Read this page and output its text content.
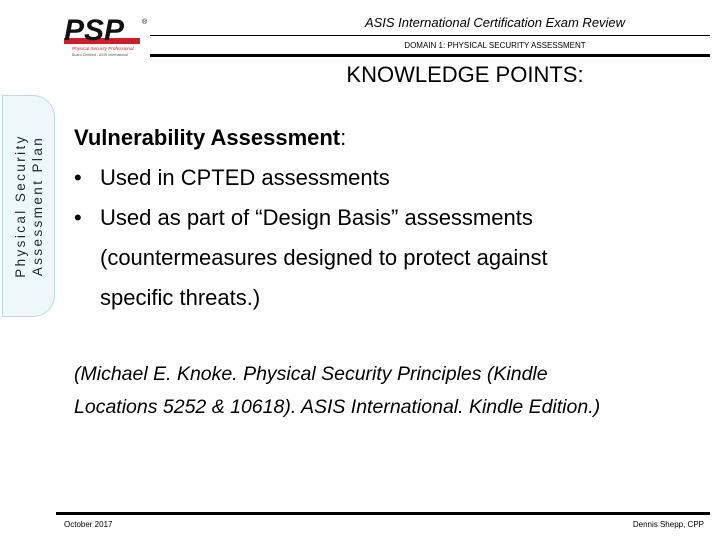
PSP	®
Physical Security Professional
Board Certified - ASIS International
ASIS International Certification Exam Review
DOMAIN 1: PHYSICAL SECURITY ASSESSMENT
KNOWLEDGE POINTS:
Physical Security Assessment Plan Vulnerability Assessment:
• Used in CPTED assessments
• Used as part of “Design Basis” assessments
(countermeasures designed to protect against
specific threats.)
(Michael E. Knoke. Physical Security Principles (Kindle
Locations 5252 & 10618). ASIS International. Kindle Edition.)
October 2017	Dennis Shepp, CPP
